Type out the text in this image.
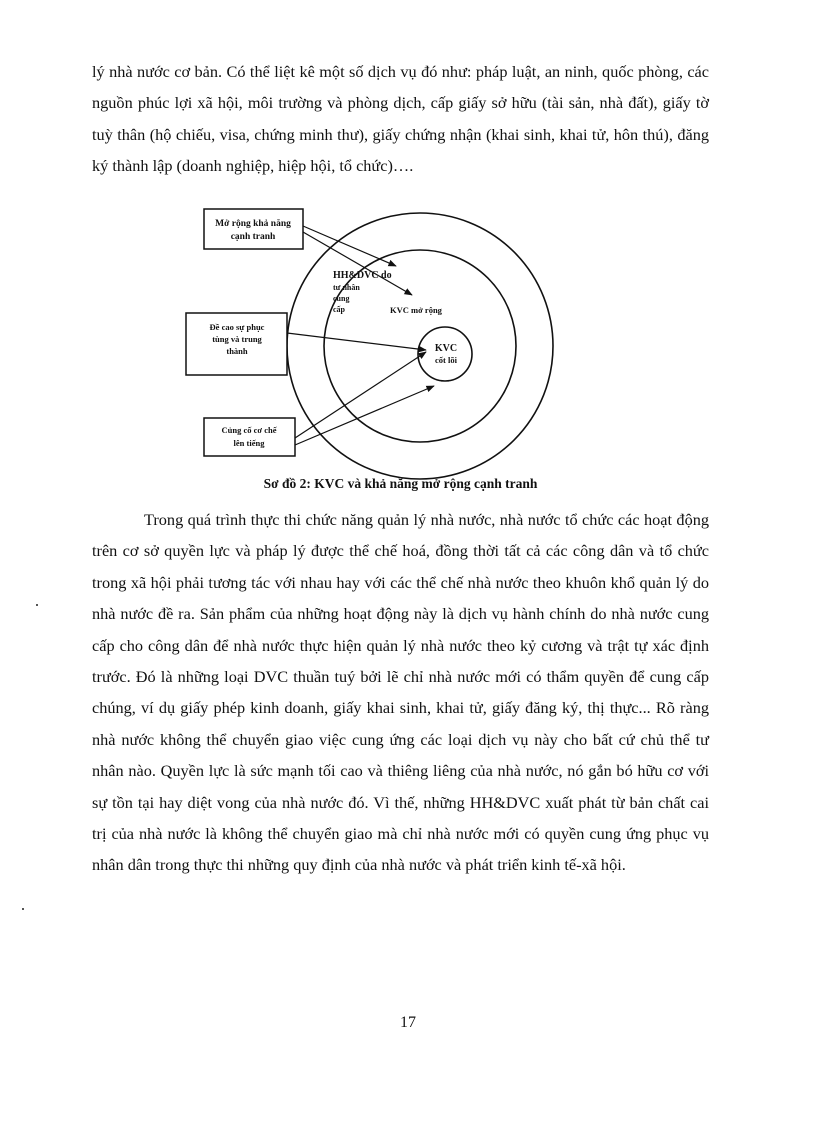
lý nhà nước cơ bản. Có thể liệt kê một số dịch vụ đó như: pháp luật, an ninh, quốc phòng, các nguồn phúc lợi xã hội, môi trường và phòng dịch, cấp giấy sở hữu (tài sản, nhà đất), giấy tờ tuỳ thân (hộ chiếu, visa, chứng minh thư), giấy chứng nhận (khai sinh, khai tử, hôn thú), đăng ký thành lập (doanh nghiệp, hiệp hội, tổ chức)….

Mở rộng khả năng
cạnh tranh
Đề cao sự phục
tùng và trung
thành
Củng cố cơ chế
lên tiếng
HH&DVC do
tư nhân
cung
cấp	KVC mở rộng
KVC
cốt lõi

Sơ đồ 2: KVC và khả năng mở rộng cạnh tranh

Trong quá trình thực thi chức năng quản lý nhà nước, nhà nước tổ chức các hoạt động trên cơ sở quyền lực và pháp lý được thể chế hoá, đồng thời tất cả các công dân và tổ chức trong xã hội phải tương tác với nhau hay với các thể chế nhà nước theo khuôn khổ quản lý do nhà nước đề ra. Sản phẩm của những hoạt động này là dịch vụ hành chính do nhà nước cung cấp cho công dân để nhà nước thực hiện quản lý nhà nước theo kỷ cương và trật tự xác định trước. Đó là những loại DVC thuần tuý bởi lẽ chỉ nhà nước mới có thẩm quyền để cung cấp chúng, ví dụ giấy phép kinh doanh, giấy khai sinh, khai tử, giấy đăng ký, thị thực... Rõ ràng nhà nước không thể chuyển giao việc cung ứng các loại dịch vụ này cho bất cứ chủ thể tư nhân nào. Quyền lực là sức mạnh tối cao và thiêng liêng của nhà nước, nó gắn bó hữu cơ với sự tồn tại hay diệt vong của nhà nước đó. Vì thế, những HH&DVC xuất phát từ bản chất cai trị của nhà nước là không thể chuyển giao mà chỉ nhà nước mới có quyền cung ứng phục vụ nhân dân trong thực thi những quy định của nhà nước và phát triển kinh tế-xã hội.

17
